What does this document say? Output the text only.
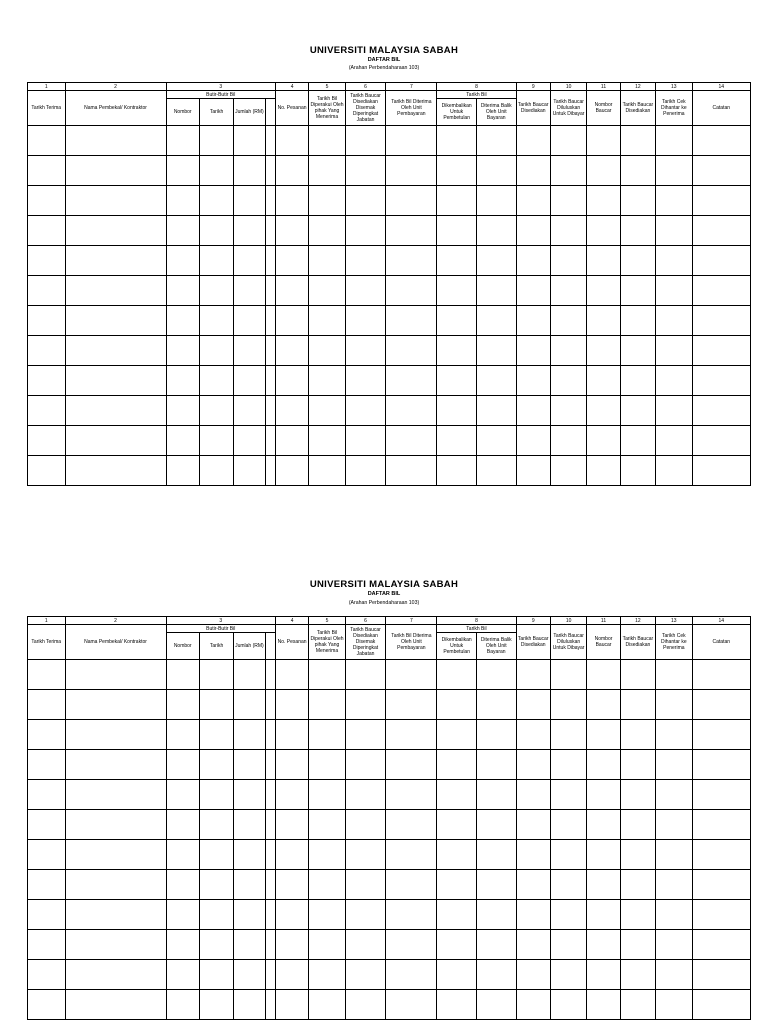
UNIVERSITI MALAYSIA SABAH
DAFTAR BIL
(Arahan Perbendaharaan 103)
1	2	3				4	5	6	7	8		9	10	11	12	13	14
Tarikh Terima	Nama Pembekal/ Kontraktor	Butir-Butir Bil				No. Pesanan	Tarikh Bil Diperakui Oleh pihak Yang Menerima	Tarikh Baucar Disediakan Disemak Diperingkat Jabatan	Tarikh Bil Diterima Oleh Unit Pembayaran	Tarikh Bil		Tarikh Baucar Disediakan	Tarikh Baucar Diluluskan Untuk Dibayar	Nombor Baucar	Tarikh Baucar Disediakan	Tarikh Cek Dihantar ke Penerima	Catatan
		Nombor	Tarikh	Jumlah (RM)						Dikembalikan Untuk Pembetulan	Diterima Balik Oleh Unit Bayaran						

UNIVERSITI MALAYSIA SABAH
DAFTAR BIL
(Arahan Perbendaharaan 103)
1	2	3				4	5	6	7	8		9	10	11	12	13	14
Tarikh Terima	Nama Pembekal/ Kontraktor	Butir-Butir Bil				No. Pesanan	Tarikh Bil Diperakui Oleh pihak Yang Menerima	Tarikh Baucar Disediakan Disemak Diperingkat Jabatan	Tarikh Bil Diterima Oleh Unit Pembayaran	Tarikh Bil		Tarikh Baucar Disediakan	Tarikh Baucar Diluluskan Untuk Dibayar	Nombor Baucar	Tarikh Baucar Disediakan	Tarikh Cek Dihantar ke Penerima	Catatan
		Nombor	Tarikh	Jumlah (RM)						Dikembalikan Untuk Pembetulan	Diterima Balik Oleh Unit Bayaran						
